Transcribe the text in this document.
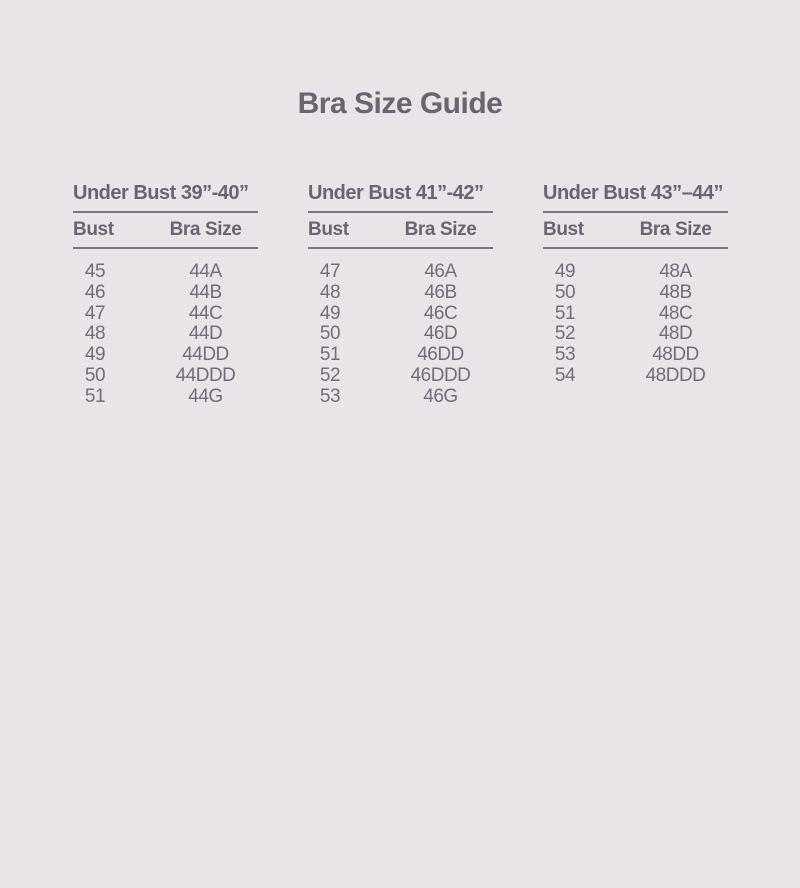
Bra Size Guide
Under Bust 39”-40”
Bust	Bra Size
45	44A
46	44B
47	44C
48	44D
49	44DD
50	44DDD
51	44G
Under Bust 41”-42”
Bust	Bra Size
47	46A
48	46B
49	46C
50	46D
51	46DD
52	46DDD
53	46G
Under Bust 43”–44”
Bust	Bra Size
49	48A
50	48B
51	48C
52	48D
53	48DD
54	48DDD
